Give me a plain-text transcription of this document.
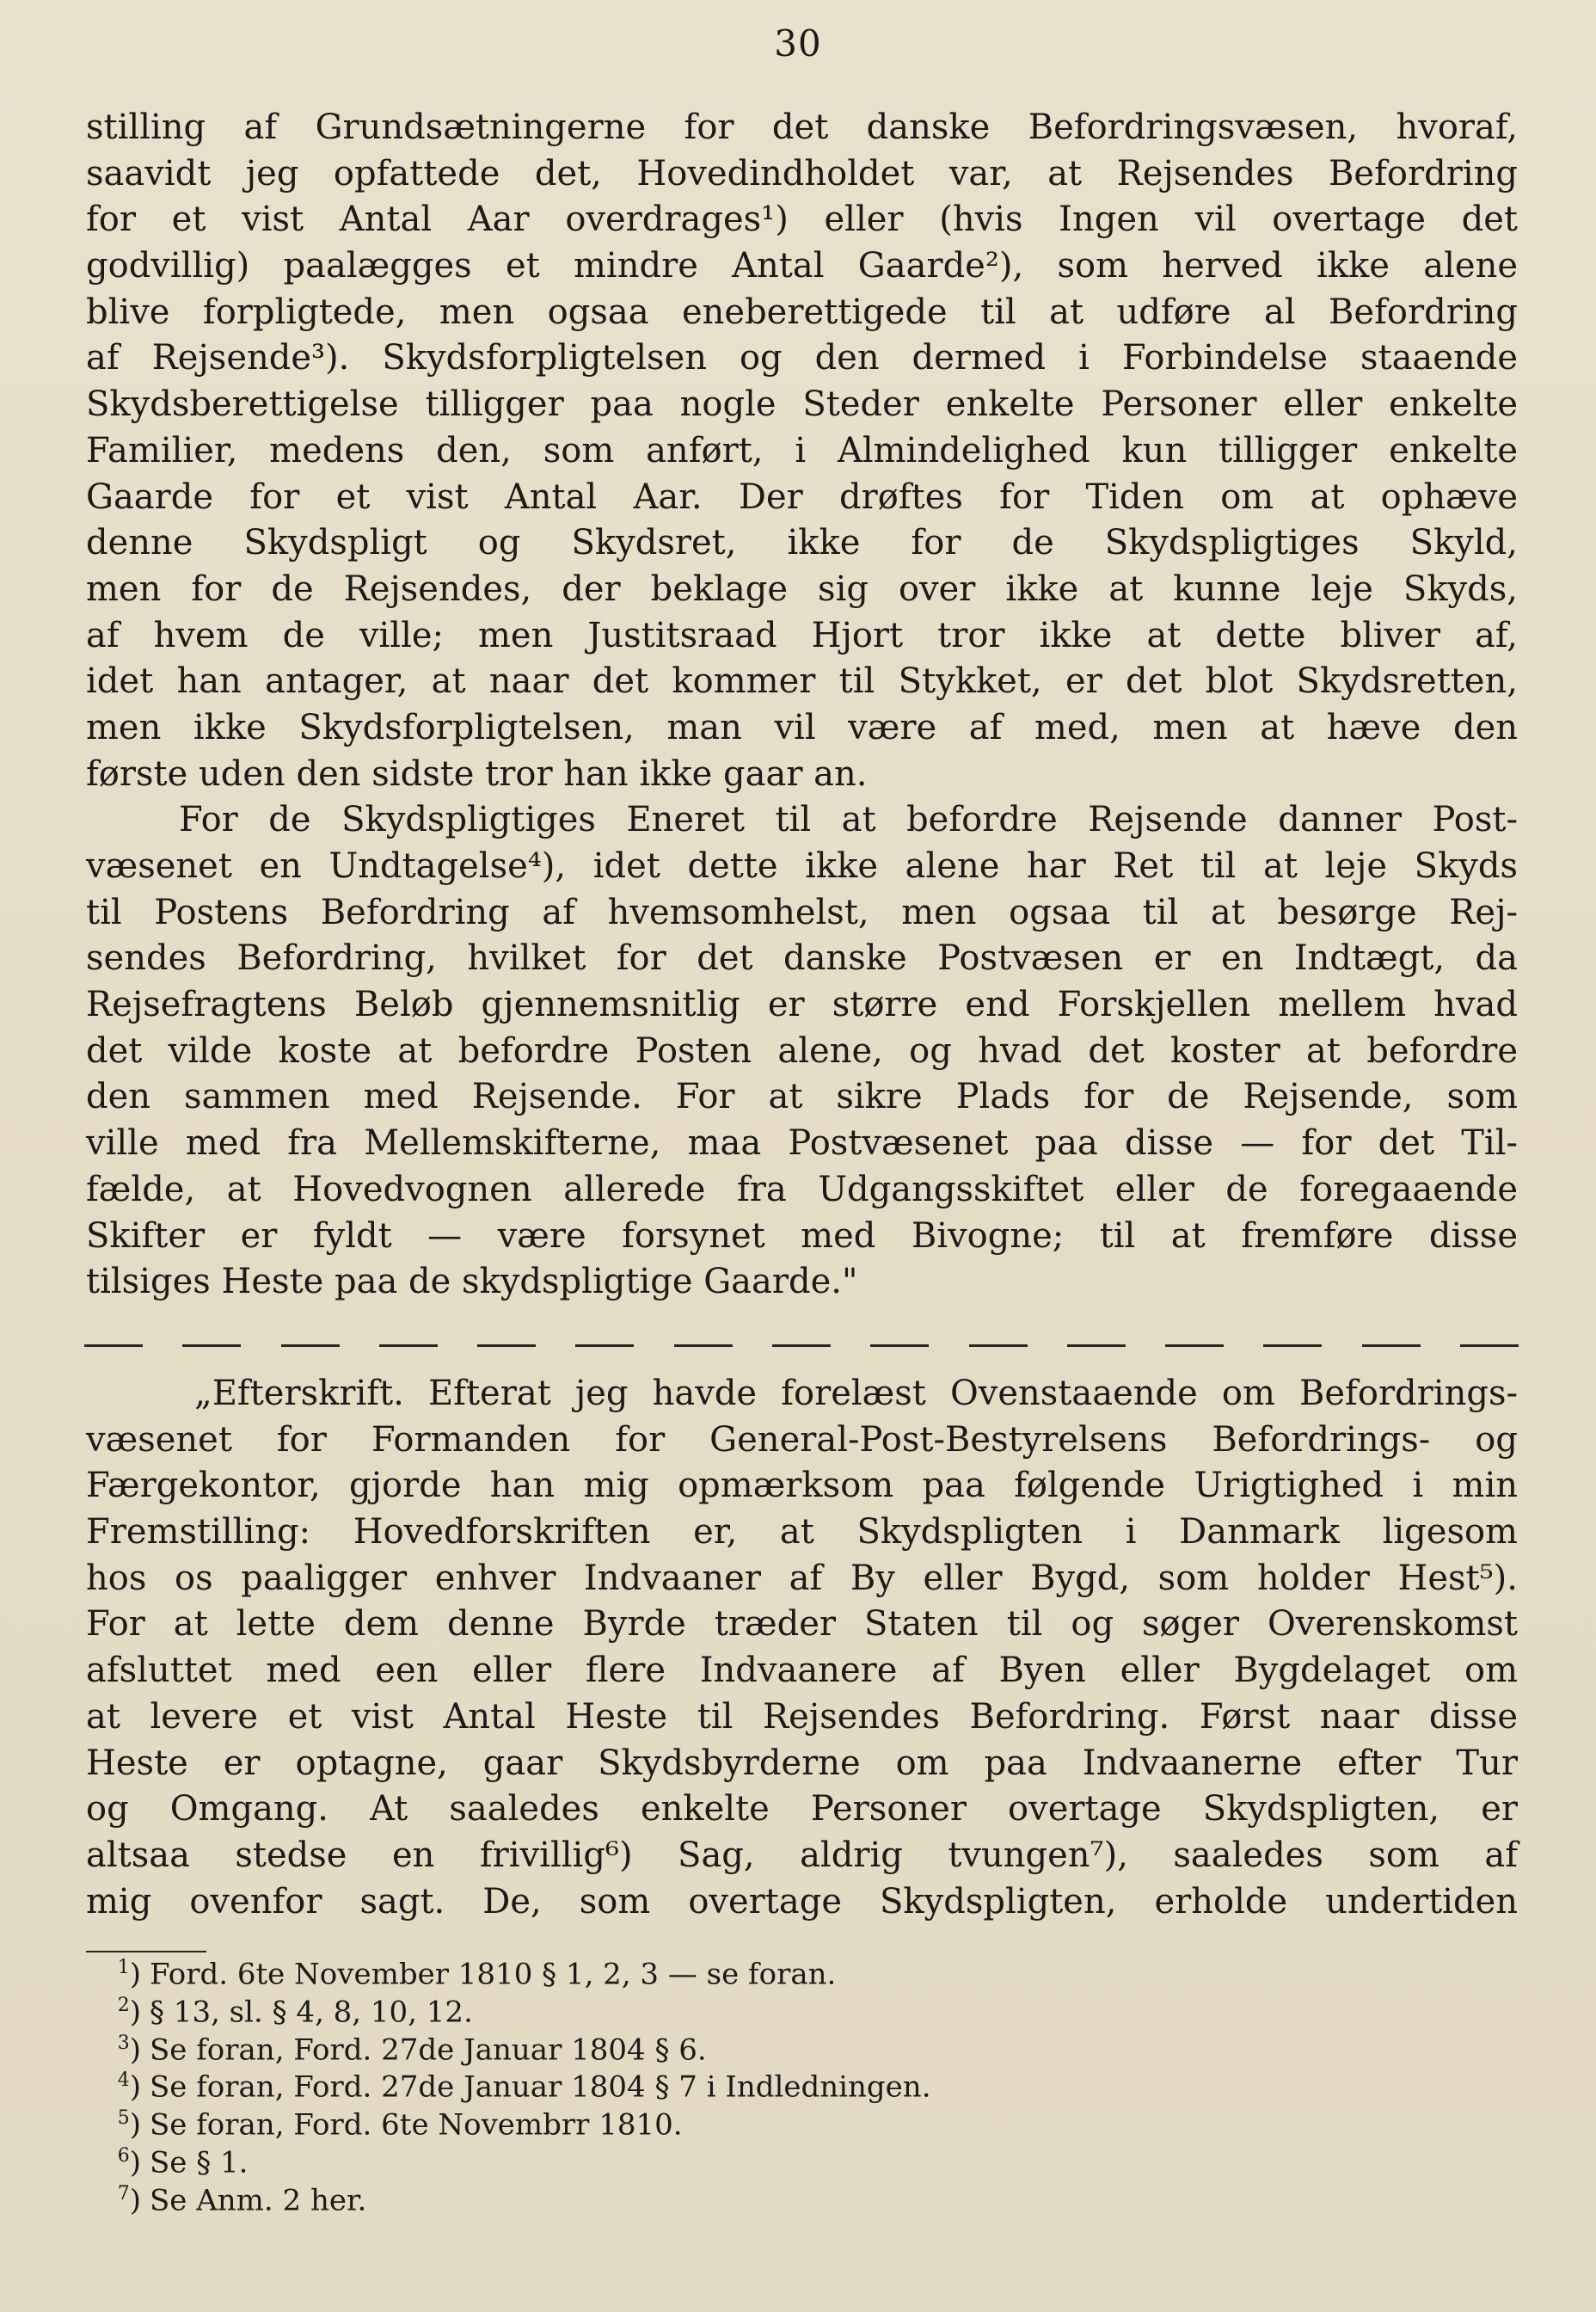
30
stilling af Grundsætningerne for det danske Befordringsvæsen, hvoraf,
saavidt jeg opfattede det, Hovedindholdet var, at Rejsendes Befordring
for et vist Antal Aar overdrages¹) eller (hvis Ingen vil overtage det
godvillig) paalægges et mindre Antal Gaarde²), som herved ikke alene
blive forpligtede, men ogsaa eneberettigede til at udføre al Befordring
af Rejsende³). Skydsforpligtelsen og den dermed i Forbindelse staaende
Skydsberettigelse tilligger paa nogle Steder enkelte Personer eller enkelte
Familier, medens den, som anført, i Almindelighed kun tilligger enkelte
Gaarde for et vist Antal Aar. Der drøftes for Tiden om at ophæve
denne Skydspligt og Skydsret, ikke for de Skydspligtiges Skyld,
men for de Rejsendes, der beklage sig over ikke at kunne leje Skyds,
af hvem de ville; men Justitsraad Hjort tror ikke at dette bliver af,
idet han antager, at naar det kommer til Stykket, er det blot Skydsretten,
men ikke Skydsforpligtelsen, man vil være af med, men at hæve den
første uden den sidste tror han ikke gaar an.
For de Skydspligtiges Eneret til at befordre Rejsende danner Post-
væsenet en Undtagelse⁴), idet dette ikke alene har Ret til at leje Skyds
til Postens Befordring af hvemsomhelst, men ogsaa til at besørge Rej-
sendes Befordring, hvilket for det danske Postvæsen er en Indtægt, da
Rejsefragtens Beløb gjennemsnitlig er større end Forskjellen mellem hvad
det vilde koste at befordre Posten alene, og hvad det koster at befordre
den sammen med Rejsende. For at sikre Plads for de Rejsende, som
ville med fra Mellemskifterne, maa Postvæsenet paa disse — for det Til-
fælde, at Hovedvognen allerede fra Udgangsskiftet eller de foregaaende
Skifter er fyldt — være forsynet med Bivogne; til at fremføre disse
tilsiges Heste paa de skydspligtige Gaarde."
„Efterskrift. Efterat jeg havde forelæst Ovenstaaende om Befordrings-
væsenet for Formanden for General-Post-Bestyrelsens Befordrings- og
Færgekontor, gjorde han mig opmærksom paa følgende Urigtighed i min
Fremstilling: Hovedforskriften er, at Skydspligten i Danmark ligesom
hos os paaligger enhver Indvaaner af By eller Bygd, som holder Hest⁵).
For at lette dem denne Byrde træder Staten til og søger Overenskomst
afsluttet med een eller flere Indvaanere af Byen eller Bygdelaget om
at levere et vist Antal Heste til Rejsendes Befordring. Først naar disse
Heste er optagne, gaar Skydsbyrderne om paa Indvaanerne efter Tur
og Omgang. At saaledes enkelte Personer overtage Skydspligten, er
altsaa stedse en frivillig⁶) Sag, aldrig tvungen⁷), saaledes som af
mig ovenfor sagt. De, som overtage Skydspligten, erholde undertiden
$^1$) Ford. 6te November 1810 § 1, 2, 3 — se foran.
$^2$) § 13, sl. § 4, 8, 10, 12.
$^3$) Se foran, Ford. 27de Januar 1804 § 6.
$^4$) Se foran, Ford. 27de Januar 1804 § 7 i Indledningen.
$^5$) Se foran, Ford. 6te Novembrr 1810.
$^6$) Se § 1.
$^7$) Se Anm. 2 her.
